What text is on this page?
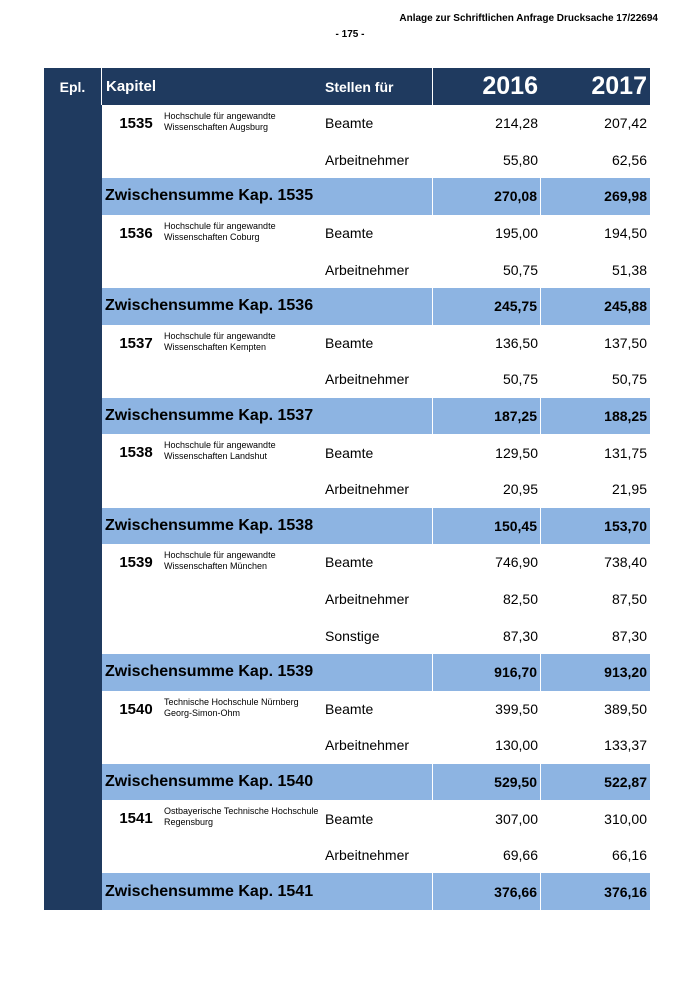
Anlage zur Schriftlichen Anfrage Drucksache 17/22694
- 175 -
Epl.	Kapitel	Stellen für	2016	2017
1535	Hochschule für angewandte Wissenschaften Augsburg	Beamte	214,28	207,42
Arbeitnehmer	55,80	62,56
Zwischensumme Kap. 1535	270,08	269,98
1536	Hochschule für angewandte Wissenschaften Coburg	Beamte	195,00	194,50
Arbeitnehmer	50,75	51,38
Zwischensumme Kap. 1536	245,75	245,88
1537	Hochschule für angewandte Wissenschaften Kempten	Beamte	136,50	137,50
Arbeitnehmer	50,75	50,75
Zwischensumme Kap. 1537	187,25	188,25
1538	Hochschule für angewandte Wissenschaften Landshut	Beamte	129,50	131,75
Arbeitnehmer	20,95	21,95
Zwischensumme Kap. 1538	150,45	153,70
1539	Hochschule für angewandte Wissenschaften München	Beamte	746,90	738,40
Arbeitnehmer	82,50	87,50
Sonstige	87,30	87,30
Zwischensumme Kap. 1539	916,70	913,20
1540	Technische Hochschule Nürnberg Georg-Simon-Ohm	Beamte	399,50	389,50
Arbeitnehmer	130,00	133,37
Zwischensumme Kap. 1540	529,50	522,87
1541	Ostbayerische Technische Hochschule Regensburg	Beamte	307,00	310,00
Arbeitnehmer	69,66	66,16
Zwischensumme Kap. 1541	376,66	376,16
